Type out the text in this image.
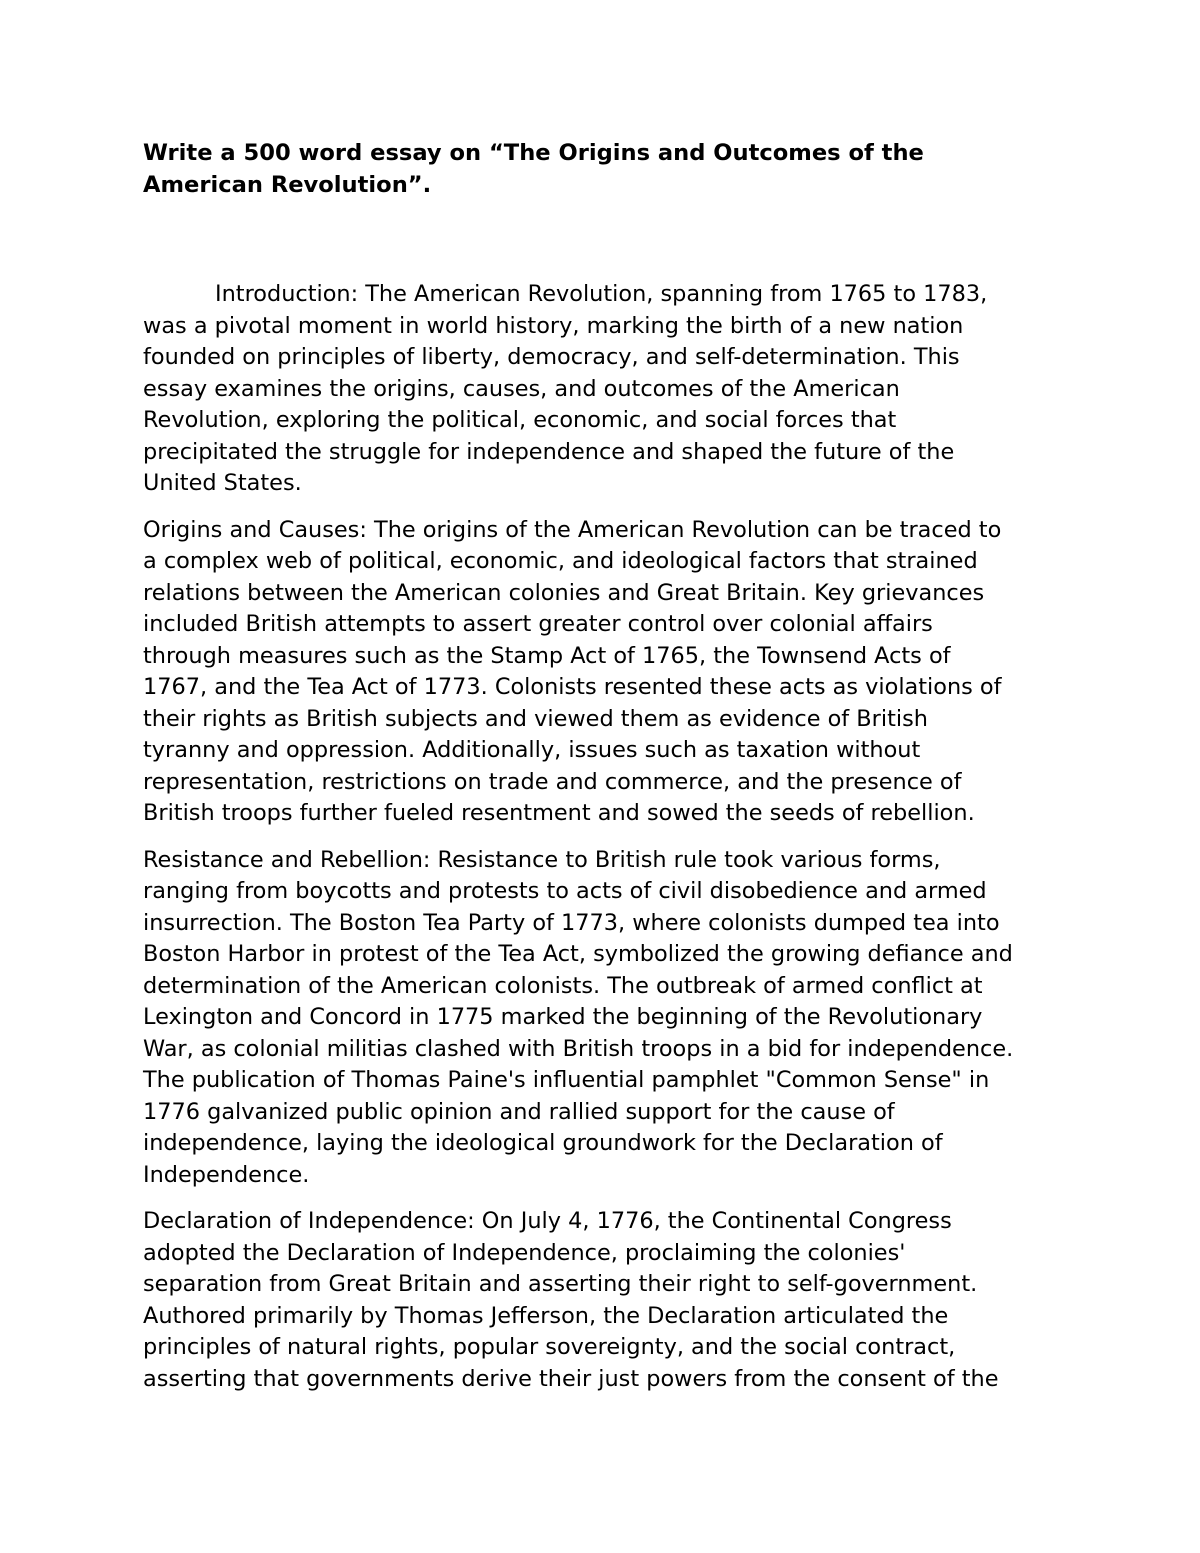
Write a 500 word essay on “The Origins and Outcomes of the
American Revolution”.

Introduction: The American Revolution, spanning from 1765 to 1783,
was a pivotal moment in world history, marking the birth of a new nation
founded on principles of liberty, democracy, and self-determination. This
essay examines the origins, causes, and outcomes of the American
Revolution, exploring the political, economic, and social forces that
precipitated the struggle for independence and shaped the future of the
United States.

Origins and Causes: The origins of the American Revolution can be traced to
a complex web of political, economic, and ideological factors that strained
relations between the American colonies and Great Britain. Key grievances
included British attempts to assert greater control over colonial affairs
through measures such as the Stamp Act of 1765, the Townsend Acts of
1767, and the Tea Act of 1773. Colonists resented these acts as violations of
their rights as British subjects and viewed them as evidence of British
tyranny and oppression. Additionally, issues such as taxation without
representation, restrictions on trade and commerce, and the presence of
British troops further fueled resentment and sowed the seeds of rebellion.

Resistance and Rebellion: Resistance to British rule took various forms,
ranging from boycotts and protests to acts of civil disobedience and armed
insurrection. The Boston Tea Party of 1773, where colonists dumped tea into
Boston Harbor in protest of the Tea Act, symbolized the growing defiance and
determination of the American colonists. The outbreak of armed conflict at
Lexington and Concord in 1775 marked the beginning of the Revolutionary
War, as colonial militias clashed with British troops in a bid for independence.
The publication of Thomas Paine's influential pamphlet "Common Sense" in
1776 galvanized public opinion and rallied support for the cause of
independence, laying the ideological groundwork for the Declaration of
Independence.

Declaration of Independence: On July 4, 1776, the Continental Congress
adopted the Declaration of Independence, proclaiming the colonies'
separation from Great Britain and asserting their right to self-government.
Authored primarily by Thomas Jefferson, the Declaration articulated the
principles of natural rights, popular sovereignty, and the social contract,
asserting that governments derive their just powers from the consent of the
